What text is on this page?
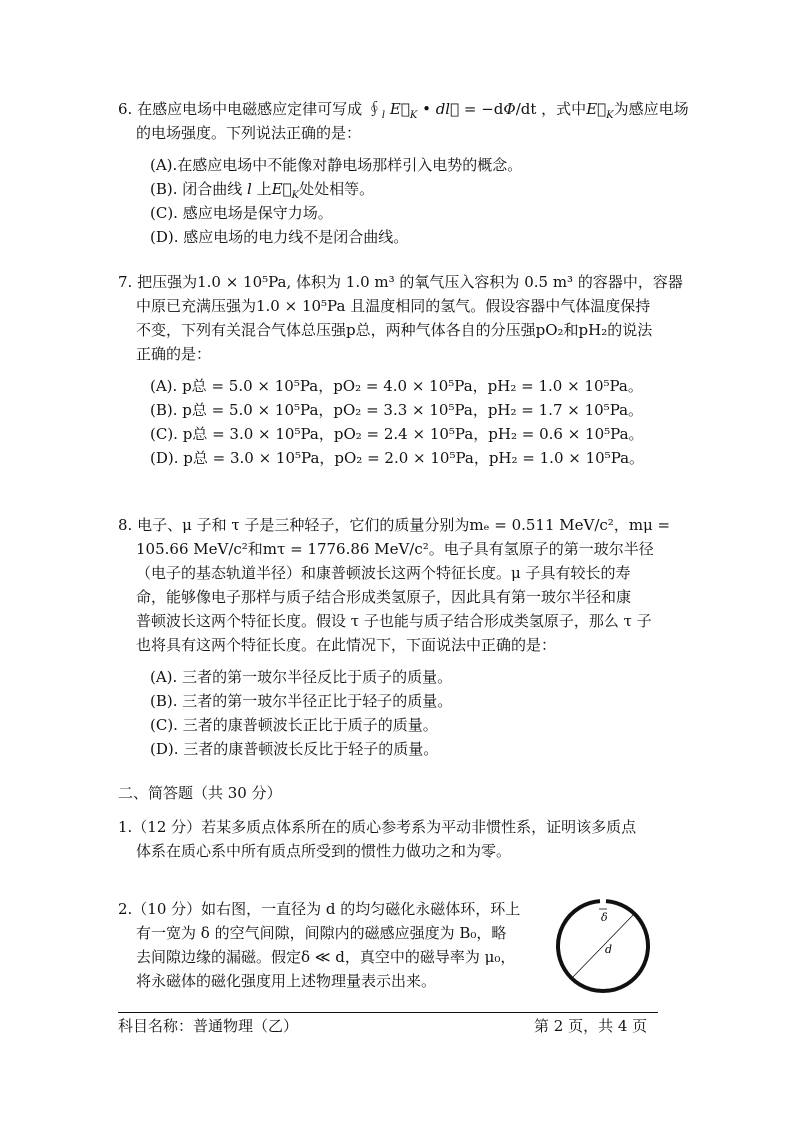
6. 在感应电场中电磁感应定律可写成 $∮_l$ $E⃗_K$ • dl⃗ = −dΦ/dt ，式中$E⃗_K$为感应电场
的电场强度。下列说法正确的是：
(A).在感应电场中不能像对静电场那样引入电势的概念。
(B). 闭合曲线 l 上$E⃗_K$处处相等。
(C). 感应电场是保守力场。
(D). 感应电场的电力线不是闭合曲线。
7. 把压强为1.0 × 10⁵Pa, 体积为 1.0 m³ 的氧气压入容积为 0.5 m³ 的容器中，容器
中原已充满压强为1.0 × 10⁵Pa 且温度相同的氢气。假设容器中气体温度保持
不变，下列有关混合气体总压强p总，两种气体各自的分压强pO₂和pH₂的说法
正确的是：
(A). p总 = 5.0 × 10⁵Pa，pO₂ = 4.0 × 10⁵Pa，pH₂ = 1.0 × 10⁵Pa。
(B). p总 = 5.0 × 10⁵Pa，pO₂ = 3.3 × 10⁵Pa，pH₂ = 1.7 × 10⁵Pa。
(C). p总 = 3.0 × 10⁵Pa，pO₂ = 2.4 × 10⁵Pa，pH₂ = 0.6 × 10⁵Pa。
(D). p总 = 3.0 × 10⁵Pa，pO₂ = 2.0 × 10⁵Pa，pH₂ = 1.0 × 10⁵Pa。
8. 电子、μ 子和 τ 子是三种轻子，它们的质量分别为mₑ = 0.511 MeV/c²，mμ =
105.66 MeV/c²和mτ = 1776.86 MeV/c²。电子具有氢原子的第一玻尔半径
（电子的基态轨道半径）和康普顿波长这两个特征长度。μ 子具有较长的寿
命，能够像电子那样与质子结合形成类氢原子，因此具有第一玻尔半径和康
普顿波长这两个特征长度。假设 τ 子也能与质子结合形成类氢原子，那么 τ 子
也将具有这两个特征长度。在此情况下，下面说法中正确的是：
(A). 三者的第一玻尔半径反比于质子的质量。
(B). 三者的第一玻尔半径正比于轻子的质量。
(C). 三者的康普顿波长正比于质子的质量。
(D). 三者的康普顿波长反比于轻子的质量。
二、简答题（共 30 分）
1.（12 分）若某多质点体系所在的质心参考系为平动非惯性系，证明该多质点
体系在质心系中所有质点所受到的惯性力做功之和为零。
2.（10 分）如右图，一直径为 d 的均匀磁化永磁体环，环上
有一宽为 δ 的空气间隙，间隙内的磁感应强度为 B₀，略
去间隙边缘的漏磁。假定δ ≪ d，真空中的磁导率为 μ₀，
将永磁体的磁化强度用上述物理量表示出来。
δ
d
科目名称：普通物理（乙）	第 2 页，共 4 页
